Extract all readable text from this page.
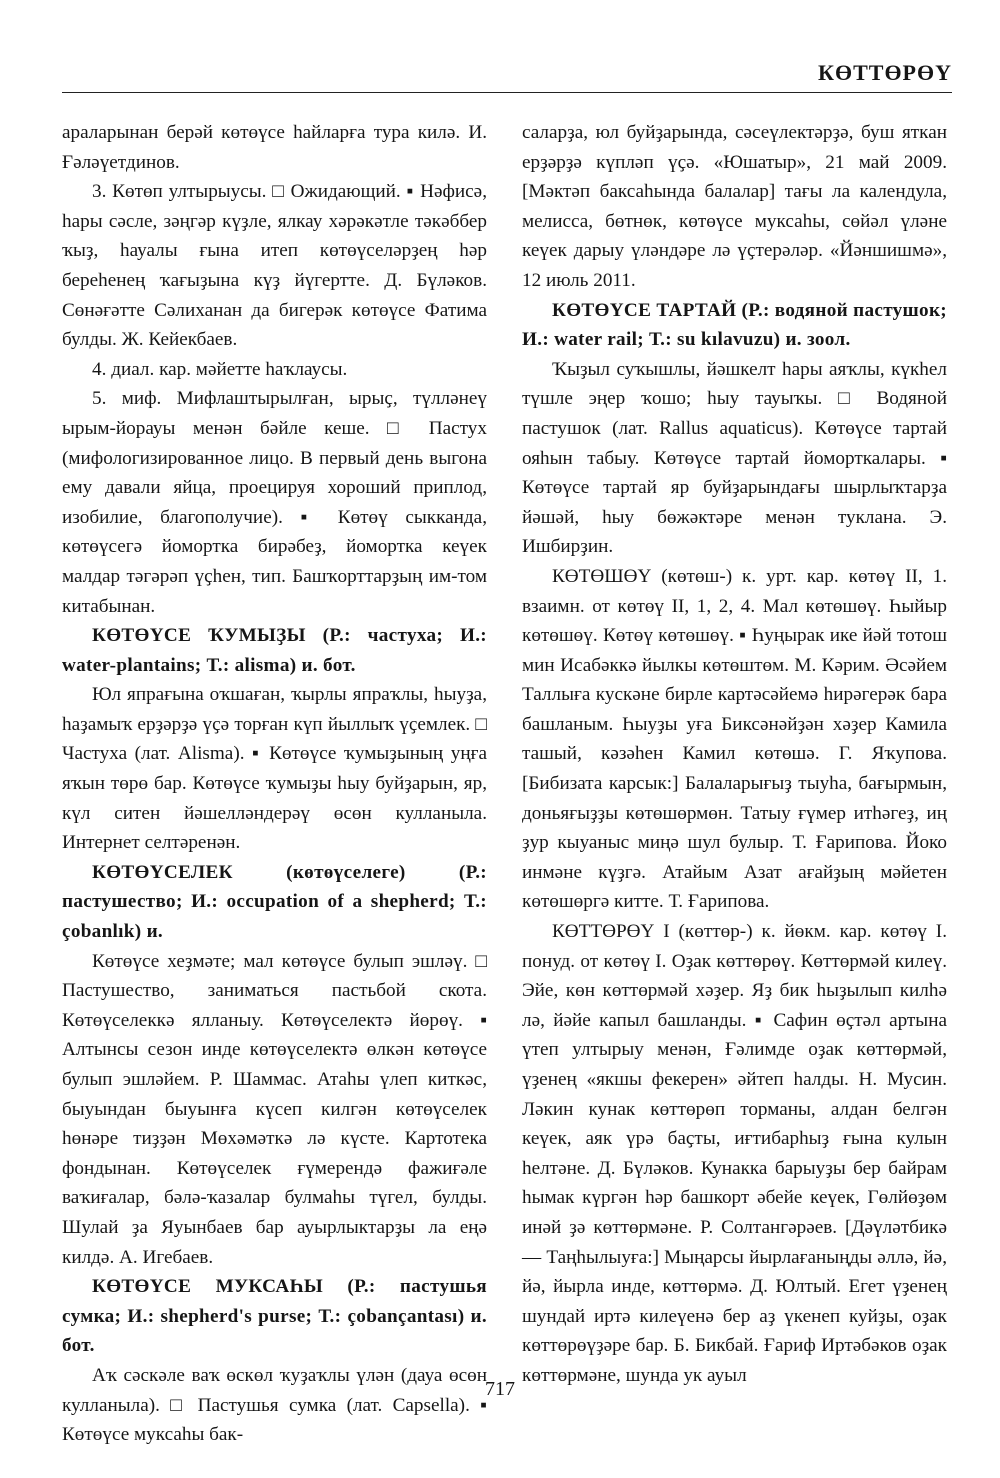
КӨТТӨРӨҮ

араларынан берәй көтөүсе һайларға тура килә. И. Ғәләүетдинов.

3. Көтөп ултырыусы. □ Ожидающий. ▪ Нәфисә, һары сәсле, зәңгәр күҙле, ялкау хәрәкәтле тәкәббер ҡыҙ, һауалы ғына итеп көтөүселәрҙең һәр береһенең ҡағыҙына күҙ йүгертте. Д. Бүләков. Сөнәғәтте Сәлиханан да бигерәк көтөүсе Фатима булды. Ж. Кейекбаев.

4. диал. кар. мәйетте һаҡлаусы.

5. миф. Мифлаштырылған, ырыҫ, түлләнеү ырым-йорауы менән бәйле кеше. □ Пастух (мифологизированное лицо. В первый день выгона ему давали яйца, проецируя хороший приплод, изобилие, благополучие). ▪ Көтөү сыкканда, көтөүсегә йомортка бирәбеҙ, йомортка кеүек малдар тәгәрәп үҫһен, тип. Башҡорттарҙың им-том китабынан.

КӨТӨҮСЕ ҠУМЫҘЫ (Р.: частуха; И.: water-plantains; Т.: alisma) и. бот.

Юл япрағына оҡшаған, ҡырлы япраҡлы, һыуҙа, һаҙамыҡ ерҙәрҙә үҫә торған күп йыллыҡ үҫемлек. □ Частуха (лат. Alisma). ▪ Көтөүсе ҡумыҙының уңға яҡын төрө бар. Көтөүсе ҡумыҙы һыу буйҙарын, яр, күл ситен йәшелләндерәү өсөн кулланыла. Интернет селтәренән.

КӨТӨҮСЕЛЕК (көтөүселеге) (Р.: пастушество; И.: occupation of a shepherd; Т.: çobanlık) и.

Көтөүсе хеҙмәте; мал көтөүсе булып эшләү. □ Пастушество, заниматься пастьбой скота. Көтөүселеккә ялланыу. Көтөүселектә йөрөү. ▪ Алтынсы сезон инде көтөүселектә өлкән көтөүсе булып эшләйем. Р. Шаммас. Атаһы үлеп киткәс, быуындан быуынға күсеп килгән көтөүселек һөнәре тиҙҙән Мөхәмәткә лә күсте. Картотека фондынан. Көтөүселек ғүмерендә фажиғәле ваҡиғалар, бәлә-ҡазалар булмаһы түгел, булды. Шулай ҙа Яуынбаев бар ауырлыктарҙы ла еңә килдә. А. Игебаев.

КӨТӨҮСЕ МУКСАҺЫ (Р.: пастушья сумка; И.: shepherd's purse; Т.: çobançantası) и. бот.

Аҡ сәскәле ваҡ өскөл ҡуҙаҡлы үлән (дауа өсөн кулланыла). □ Пастушья сумка (лат. Capsella). ▪ Көтөүсе муксаһы бак-

саларҙа, юл буйҙарында, сәсеүлектәрҙә, буш яткан ерҙәрҙә күпләп үҫә. «Юшатыр», 21 май 2009. [Мәктәп баксаһында балалар] тағы ла календула, мелисса, бөтнөк, көтөүсе муксаһы, сөйәл үләне кеүек дарыу үләндәре лә үҫтерәләр. «Йәншишмә», 12 июль 2011.

КӨТӨҮСЕ ТАРТАЙ (Р.: водяной пастушок; И.: water rail; Т.: su kılavuzu) и. зоол.

Ҡыҙыл суҡышлы, йәшкелт һары аяҡлы, күкһел түшле эңер ҡошо; һыу тауыҡы. □ Водяной пастушок (лат. Rallus aquaticus). Көтөүсе тартай ояһын табыу. Көтөүсе тартай йоморткалары. ▪ Көтөүсе тартай яр буйҙарындағы шырлыҡтарҙа йәшәй, һыу бөжәктәре менән туклана. Э. Ишбирҙин.

КӨТӨШӨҮ (көтөш-) к. урт. кар. көтөү II, 1. взаимн. от көтөү II, 1, 2, 4. Мал көтөшөү. Һыйыр көтөшөү. Көтөү көтөшөү. ▪ Һуңырак ике йәй тотош мин Исабәккә йылкы көтөштөм. М. Кәрим. Әсәйем Таллыға кускәне бирле картәсәйемә һирәгерәк бара башланым. Һыуҙы уға Биксәнәйҙән хәҙер Камила ташый, кәзәһен Камил көтөшә. Г. Яҡупова. [Бибизата карсык:] Балаларығыҙ тыуһа, бағырмын, доньяғыҙҙы көтөшөрмөн. Татыу ғүмер итһәгеҙ, иң ҙур кыуаныс миңә шул булыр. Т. Ғарипова. Йоко инмәне күҙгә. Атайым Азат ағайҙың мәйетен көтөшөргә китте. Т. Ғарипова.

КӨТТӨРӨҮ I (көттөр-) к. йөкм. кар. көтөү I. понуд. от көтөү I. Оҙак көттөрөү. Көттөрмәй килеү. Эйе, көн көттөрмәй хәҙер. Яҙ бик һыҙылып килһә лә, йәйе капыл башланды. ▪ Сафин өҫтәл артына үтеп ултырыу менән, Ғәлимде оҙак көттөрмәй, үҙенең «якшы фекерен» әйтеп һалды. Н. Мусин. Ләкин кунак көттөрөп торманы, алдан белгән кеүек, аяк үрә баҫты, иғтибарһыҙ ғына кулын һелтәне. Д. Бүләков. Кунакка барыуҙы бер байрам һымак күргән һәр башкорт әбейе кеүек, Гөлйөҙөм инәй ҙә көттөрмәне. Р. Солтангәрәев. [Дәүләтбикә — Таңһылыуға:] Мыңарсы йырлағаныңды әллә, йә, йә, йырла инде, көттөрмә. Д. Юлтый. Егет үҙенең шундай иртә килеүенә бер аҙ үкенеп куйҙы, оҙак көттөрөүҙәре бар. Б. Бикбай. Ғариф Иртәбәков оҙак көттөрмәне, шунда ук ауыл

717
